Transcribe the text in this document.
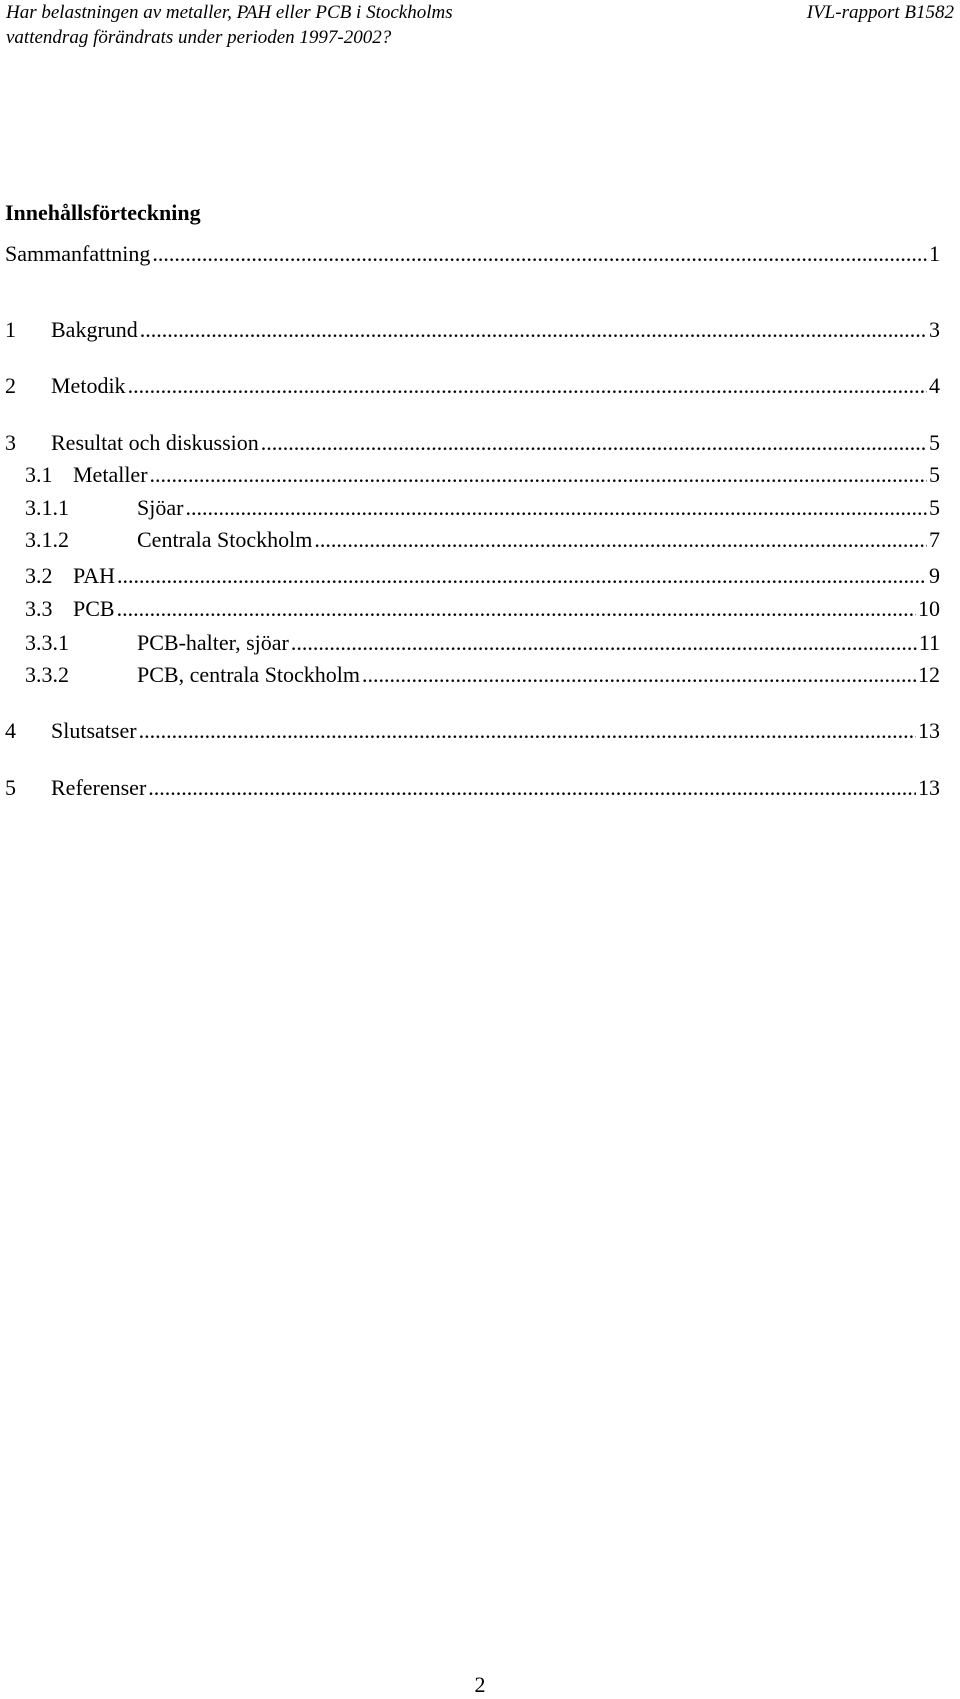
Har belastningen av metaller, PAH eller PCB i Stockholms	IVL-rapport B1582
vattendrag förändrats under perioden 1997-2002?
Innehållsförteckning
Sammanfattning .....	1
1	Bakgrund .....	3
2	Metodik .....	4
3	Resultat och diskussion .....	5
3.1 Metaller .....	5
3.1.1	Sjöar .....	5
3.1.2	Centrala Stockholm .....	7
3.2 PAH .....	9
3.3 PCB .....	10
3.3.1	PCB-halter, sjöar .....	11
3.3.2	PCB, centrala Stockholm .....	12
4	Slutsatser .....	13
5	Referenser .....	13
2
